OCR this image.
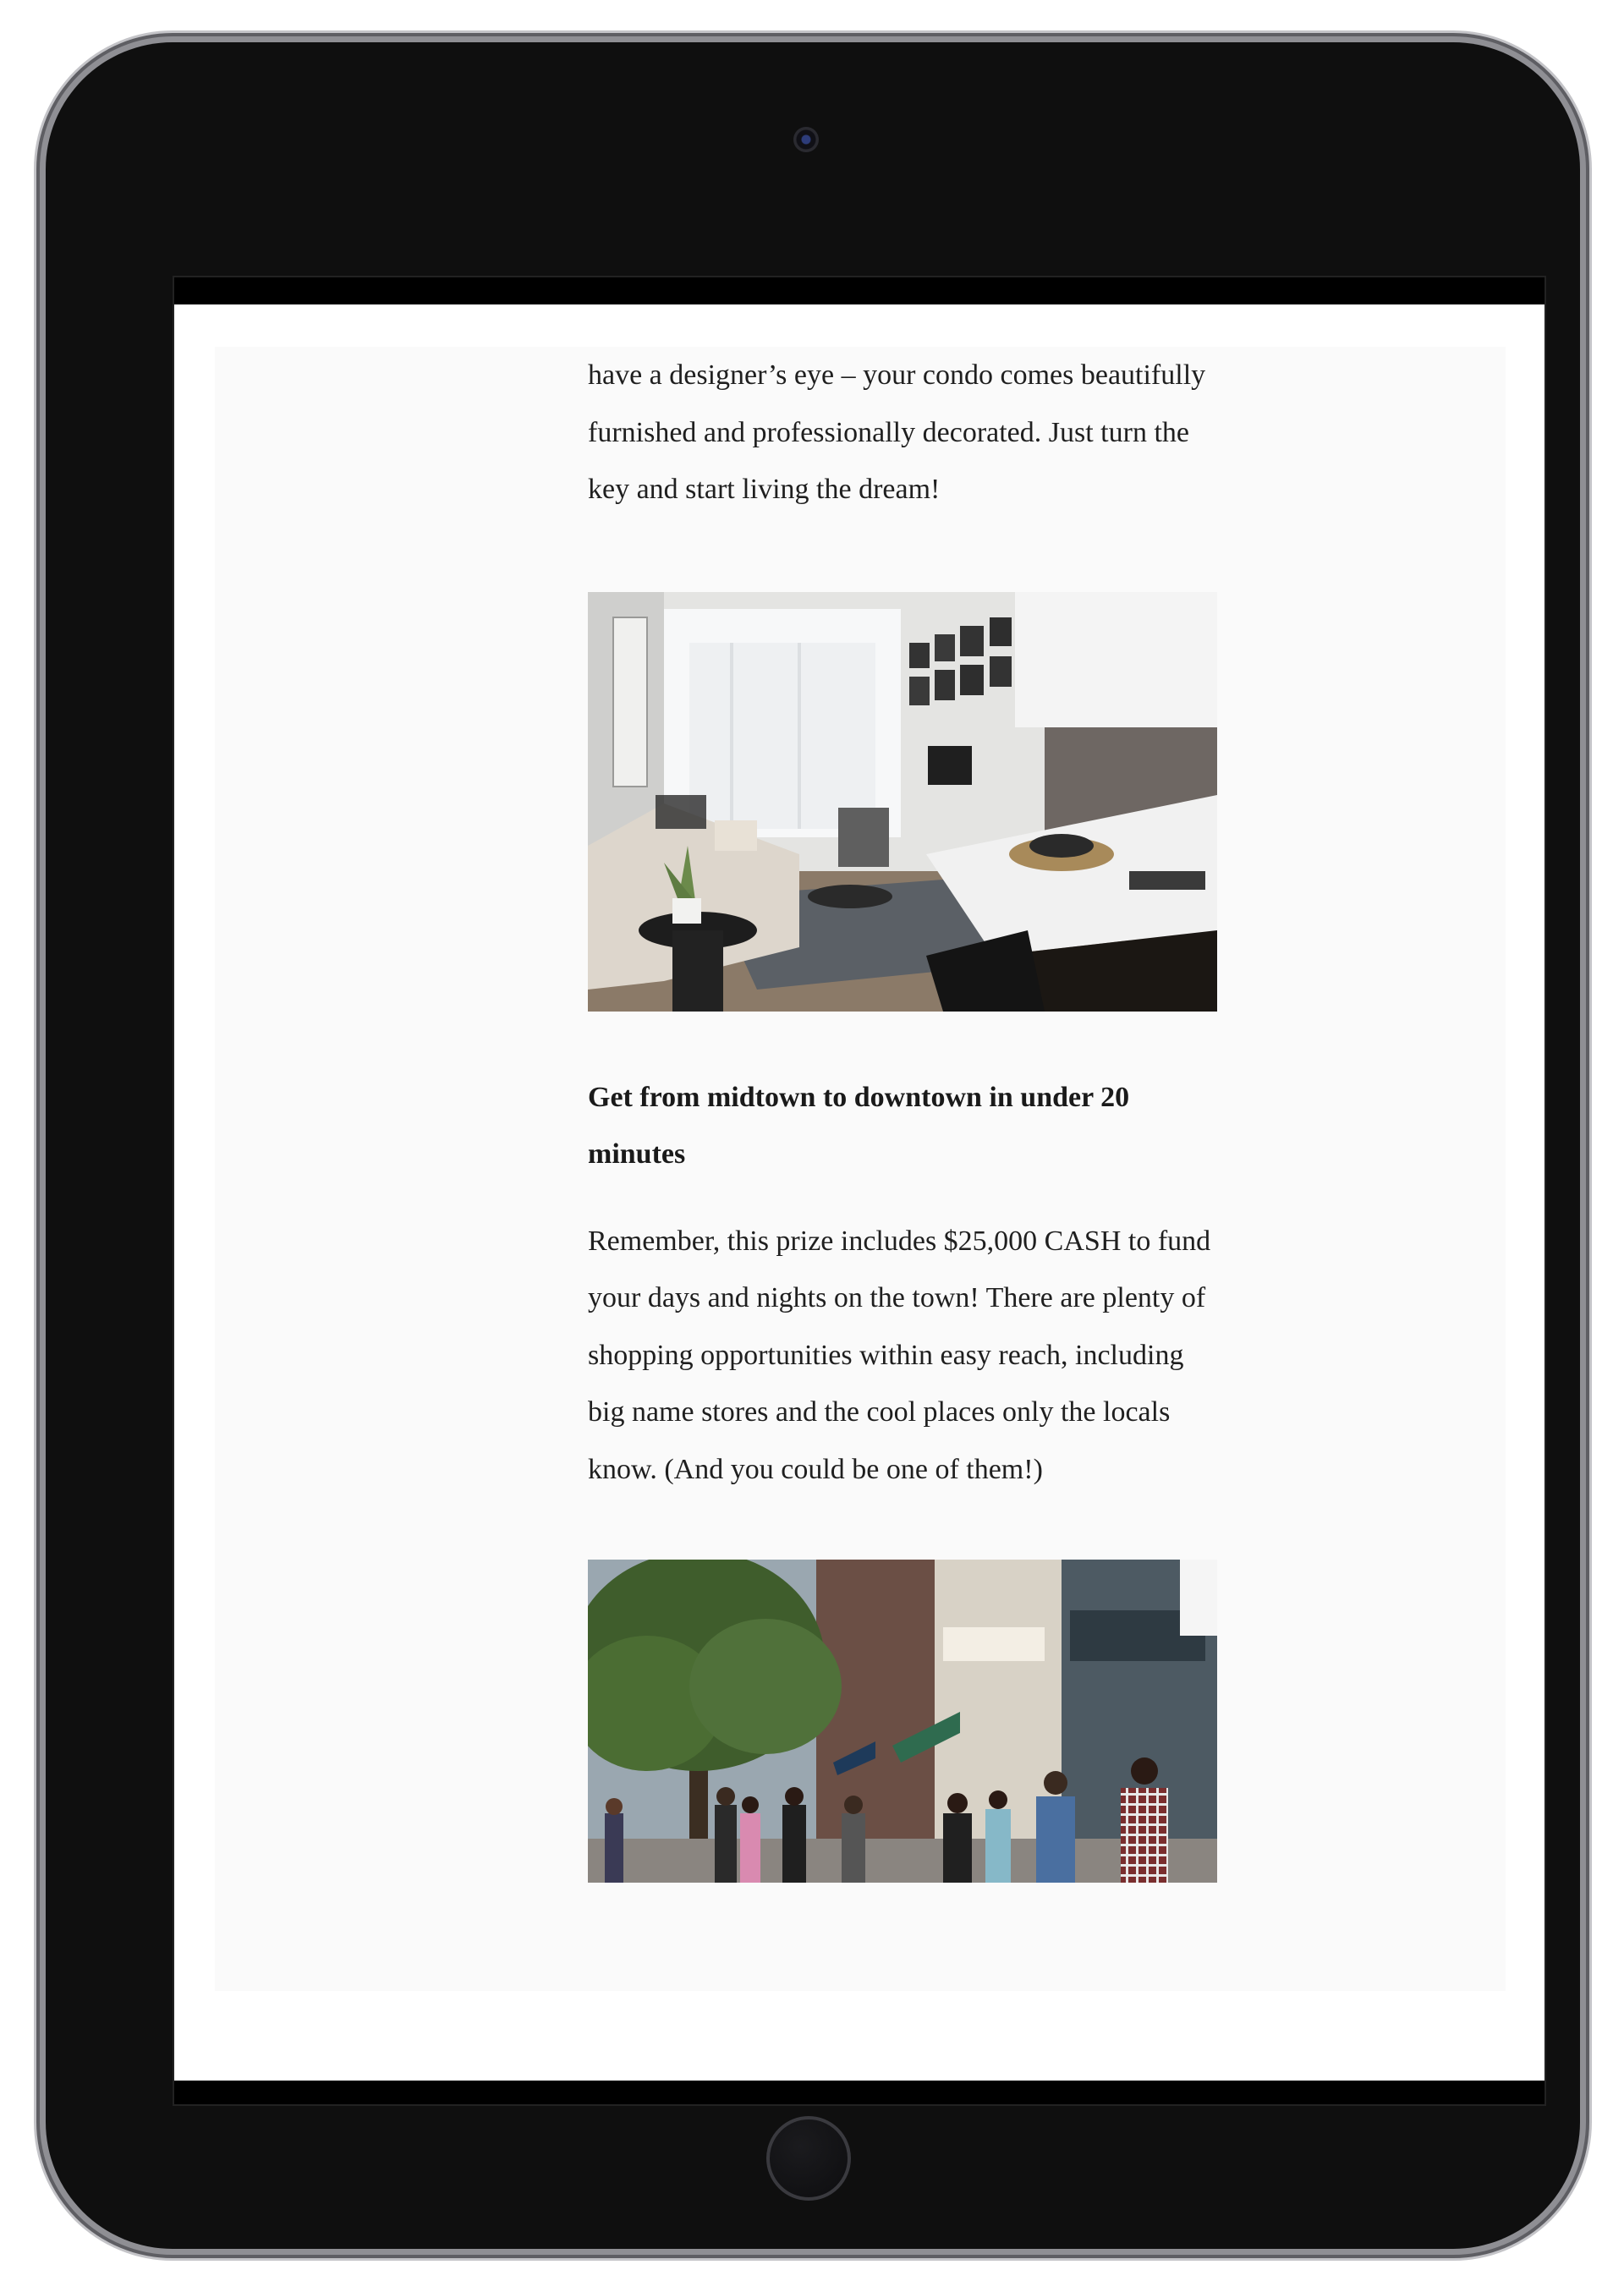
have a designer’s eye – your condo comes beautifully furnished and professionally decorated. Just turn the key and start living the dream!

Get from midtown to downtown in under 20 minutes

Remember, this prize includes $25,000 CASH to fund your days and nights on the town! There are plenty of shopping opportunities within easy reach, including big name stores and the cool places only the locals know. (And you could be one of them!)
